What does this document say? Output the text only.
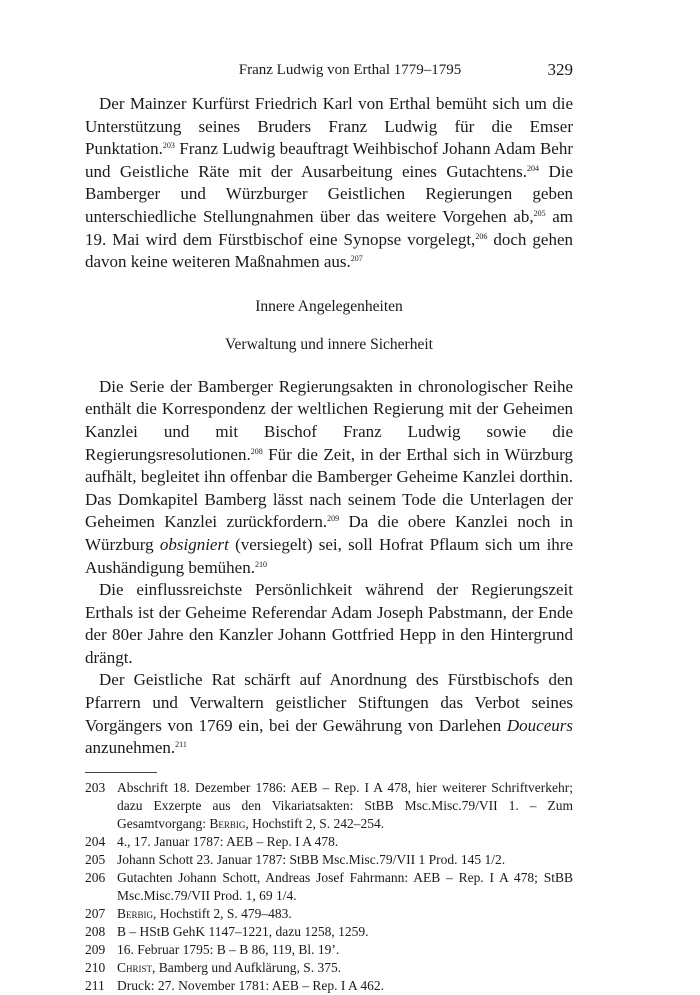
Franz Ludwig von Erthal 1779–1795	329

Der Mainzer Kurfürst Friedrich Karl von Erthal bemüht sich um die Unterstützung seines Bruders Franz Ludwig für die Emser Punktation.$^{203}$ Franz Ludwig beauftragt Weihbischof Johann Adam Behr und Geistliche Räte mit der Ausarbeitung eines Gutachtens.$^{204}$ Die Bamberger und Würzburger Geistlichen Regierungen geben unterschiedliche Stellungnahmen über das weitere Vorgehen ab,$^{205}$ am 19. Mai wird dem Fürstbischof eine Synopse vorgelegt,$^{206}$ doch gehen davon keine weiteren Maßnahmen aus.$^{207}$

Innere Angelegenheiten

Verwaltung und innere Sicherheit

Die Serie der Bamberger Regierungsakten in chronologischer Reihe enthält die Korrespondenz der weltlichen Regierung mit der Geheimen Kanzlei und mit Bischof Franz Ludwig sowie die Regierungsresolutionen.$^{208}$ Für die Zeit, in der Erthal sich in Würzburg aufhält, begleitet ihn offenbar die Bamberger Geheime Kanzlei dorthin. Das Domkapitel Bamberg lässt nach seinem Tode die Unterlagen der Geheimen Kanzlei zurückfordern.$^{209}$ Da die obere Kanzlei noch in Würzburg obsigniert (versiegelt) sei, soll Hofrat Pflaum sich um ihre Aushändigung bemühen.$^{210}$

Die einflussreichste Persönlichkeit während der Regierungszeit Erthals ist der Geheime Referendar Adam Joseph Pabstmann, der Ende der 80er Jahre den Kanzler Johann Gottfried Hepp in den Hintergrund drängt.

Der Geistliche Rat schärft auf Anordnung des Fürstbischofs den Pfarrern und Verwaltern geistlicher Stiftungen das Verbot seines Vorgängers von 1769 ein, bei der Gewährung von Darlehen Douceurs anzunehmen.$^{211}$

203 Abschrift 18. Dezember 1786: AEB – Rep. I A 478, hier weiterer Schriftverkehr; dazu Exzerpte aus den Vikariatsakten: StBB Msc.Misc.79/VII 1. – Zum Gesamtvorgang: Berbig, Hochstift 2, S. 242–254.
204 4., 17. Januar 1787: AEB – Rep. I A 478.
205 Johann Schott 23. Januar 1787: StBB Msc.Misc.79/VII 1 Prod. 145 1/2.
206 Gutachten Johann Schott, Andreas Josef Fahrmann: AEB – Rep. I A 478; StBB Msc.Misc.79/VII Prod. 1, 69 1/4.
207 Berbig, Hochstift 2, S. 479–483.
208 B – HStB GehK 1147–1221, dazu 1258, 1259.
209 16. Februar 1795: B – B 86, 119, Bl. 19’.
210 Christ, Bamberg und Aufklärung, S. 375.
211 Druck: 27. November 1781: AEB – Rep. I A 462.
